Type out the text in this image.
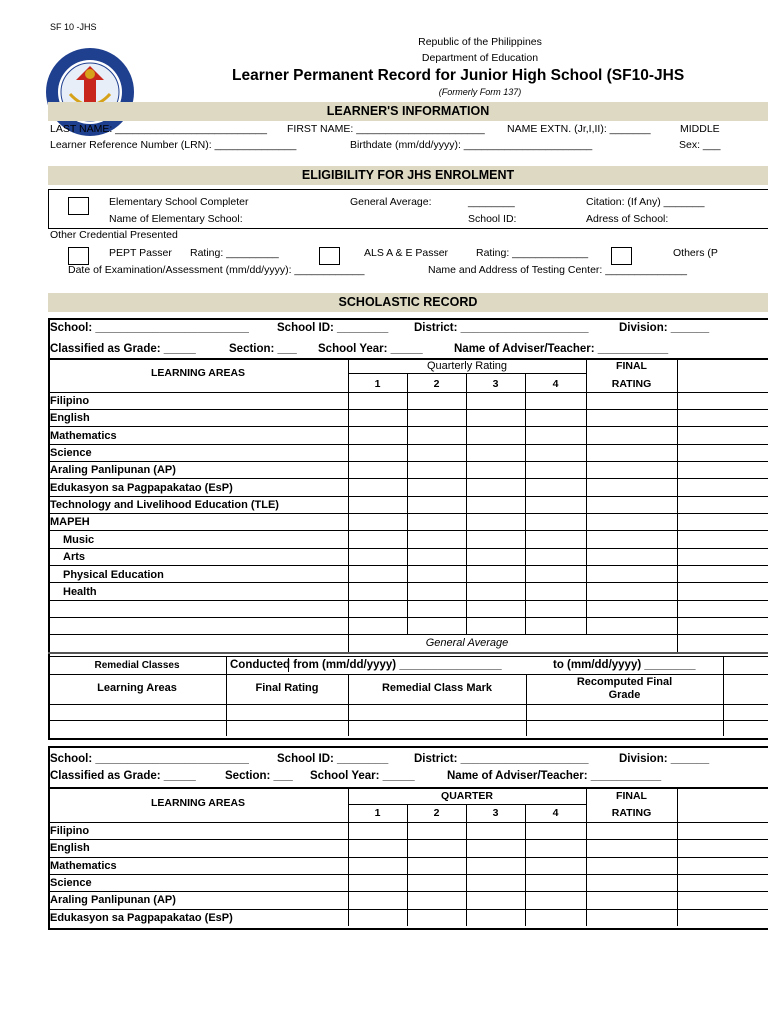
SF 10 -JHS
Republic of the Philippines
Department of Education
Learner Permanent Record for Junior High School (SF10-JHS
(Formerly Form 137)
LEARNER'S INFORMATION
LAST NAME: __________________________ FIRST NAME: ______________________ NAME EXTN. (Jr,I,II): _______	MIDDLE
Learner Reference Number (LRN): ______________	Birthdate (mm/dd/yyyy): ______________________	Sex: ___
ELIGIBILITY FOR JHS ENROLMENT
Elementary School Completer	General Average:	________	Citation: (If Any) _______
Name of Elementary School:	School ID:	Adress of School:
Other Credential Presented
PEPT Passer Rating: _________	ALS A & E Passer	Rating: _____________	Others (P
Date of Examination/Assessment (mm/dd/yyyy): ____________	Name and Address of Testing Center: ______________
SCHOLASTIC RECORD
School: ________________________ School ID: ________ District: ____________________	Division: ______
Classified as Grade: _____	Section: ___ School Year: _____	Name of Adviser/Teacher: ___________
LEARNING AREAS
Quarterly Rating	FINAL
RATING
1	2	3	4
Filipino
English
Mathematics
Science
Araling Panlipunan (AP)
Edukasyon sa Pagpapakatao (EsP)
Technology and Livelihood Education (TLE)
MAPEH
Music
Arts
Physical Education
Health
General Average
Remedial Classes	Conducted from (mm/dd/yyyy) ________________	to (mm/dd/yyyy) ________
Learning Areas	Final Rating	Remedial Class Mark	Recomputed Final
Grade
School: ________________________ School ID: ________ District: ____________________	Division: ______
Classified as Grade: _____	Section: ___ School Year: _____	Name of Adviser/Teacher: ___________
LEARNING AREAS
QUARTER	FINAL
RATING
1	2	3	4
Filipino
English
Mathematics
Science
Araling Panlipunan (AP)
Edukasyon sa Pagpapakatao (EsP)
